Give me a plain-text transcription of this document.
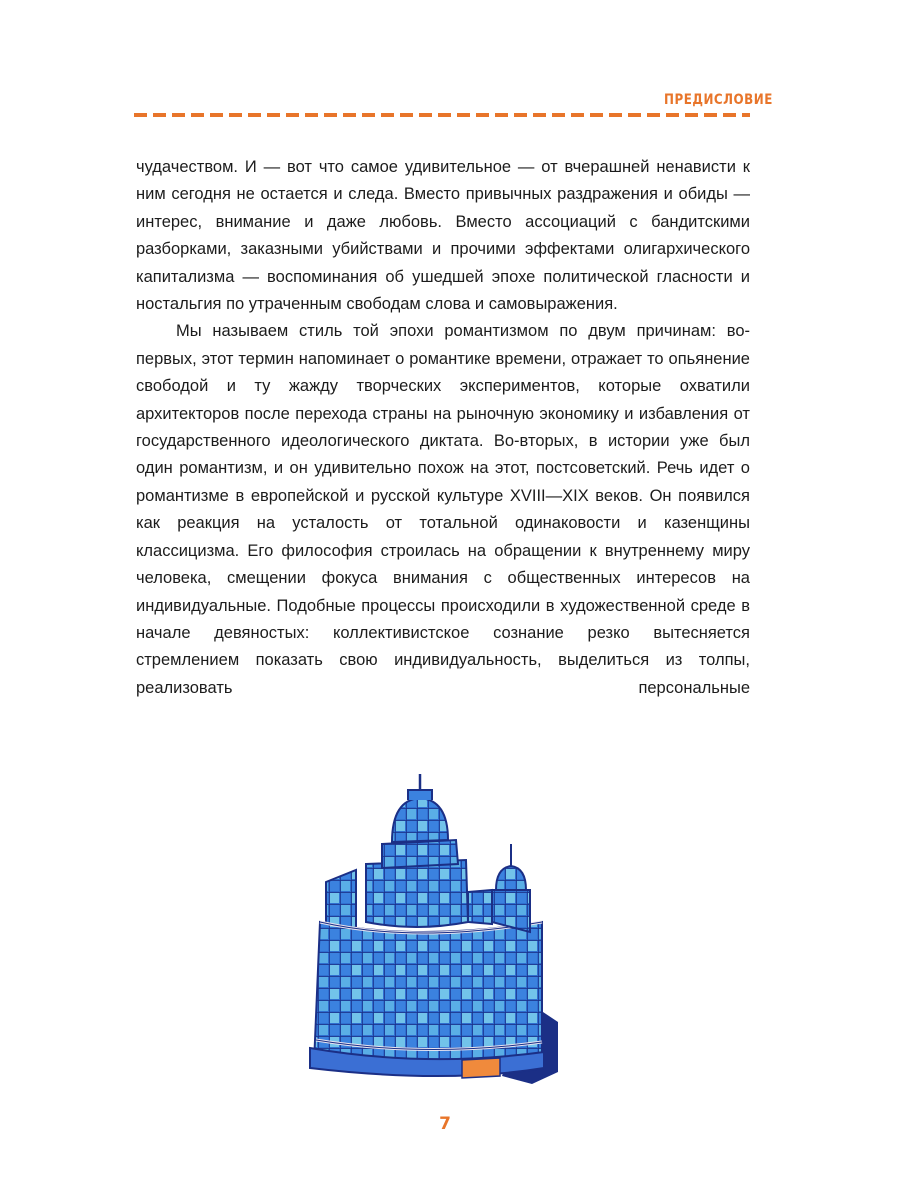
ПРЕДИСЛОВИЕ

чудачеством. И — вот что самое удивительное — от вчерашней ненависти к ним сегодня не остается и следа. Вместо привычных раздражения и обиды — интерес, внимание и даже любовь. Вместо ассоциаций с бандитскими разборками, заказными убийствами и прочими эффектами олигархического капитализма — воспоминания об ушедшей эпохе политической гласности и ностальгия по утраченным свободам слова и самовыражения.

Мы называем стиль той эпохи романтизмом по двум причинам: во-первых, этот термин напоминает о романтике времени, отражает то опьянение свободой и ту жажду творческих экспериментов, которые охватили архитекторов после перехода страны на рыночную экономику и избавления от государственного идеологического диктата. Во-вторых, в истории уже был один романтизм, и он удивительно похож на этот, постсоветский. Речь идет о романтизме в европейской и русской культуре XVIII—XIX веков. Он появился как реакция на усталость от тотальной одинаковости и казенщины классицизма. Его философия строилась на обращении к внутреннему миру человека, смещении фокуса внимания с общественных интересов на индивидуальные. Подобные процессы происходили в художественной среде в начале девяностых: коллективистское сознание резко вытесняется стремлением показать свою индивидуальность, выделиться из толпы, реализовать персональные

7
